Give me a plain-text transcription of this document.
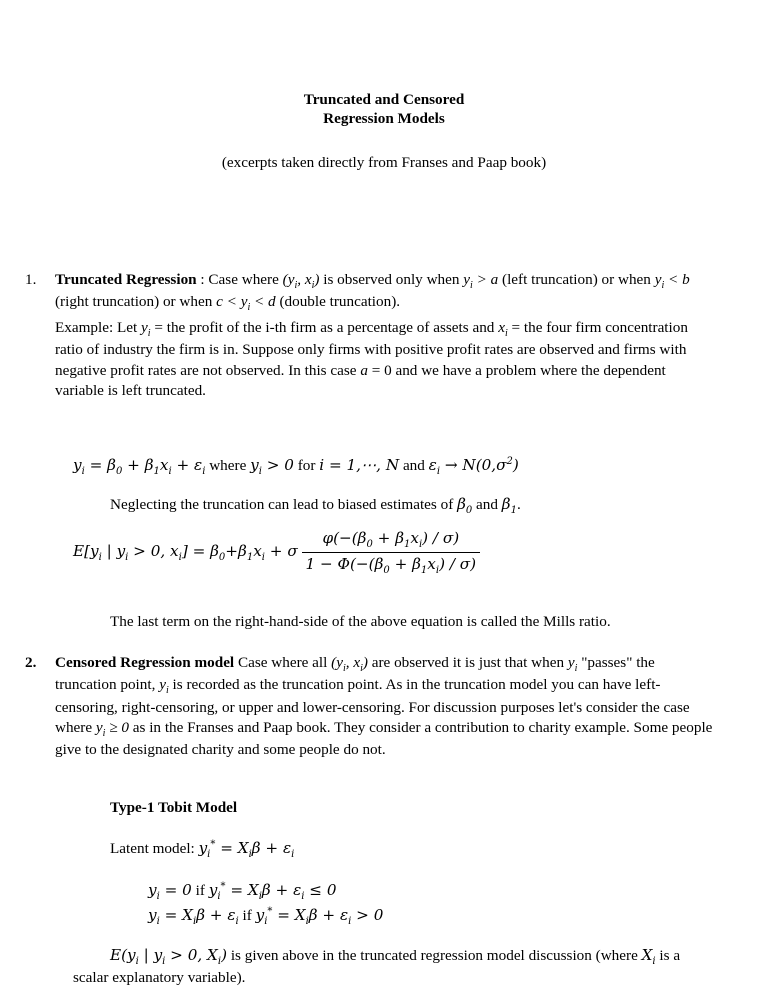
Truncated and Censored
Regression Models
(excerpts taken directly from Franses and Paap book)
1. Truncated Regression : Case where ($y_i$, $x_i$) is observed only when $y_i > a$ (left truncation) or when $y_i < b$ (right truncation) or when $c < y_i < d$ (double truncation).
Example: Let $y_i$ = the profit of the i-th firm as a percentage of assets and $x_i$ = the four firm concentration ratio of industry the firm is in. Suppose only firms with positive profit rates are observed and firms with negative profit rates are not observed. In this case a = 0 and we have a problem where the dependent variable is left truncated.
$y_i = \beta_0 + \beta_1x_i + \varepsilon_i$ where $y_i > 0$ for i = 1,⋯, N and $\varepsilon_i \to N(0,\sigma^2)$
Neglecting the truncation can lead to biased estimates of $\beta_0$ and $\beta_1$.
$E[y_i$ | $y_i > 0$, $x_i] = \beta_0+\beta_1x_i + \sigma \frac{\varphi(-(\beta_0 + \beta_1x_i) / \sigma)}{1 - \Phi(-(\beta_0 + \beta_1x_i) / \sigma)}$
The last term on the right-hand-side of the above equation is called the Mills ratio.
2. Censored Regression model Case where all ($y_i$, $x_i$) are observed it is just that when $y_i$ "passes" the truncation point, $y_i$ is recorded as the truncation point. As in the truncation model you can have left-censoring, right-censoring, or upper and lower-censoring. For discussion purposes let's consider the case where $y_i \ge 0$ as in the Franses and Paap book. They consider a contribution to charity example. Some people give to the designated charity and some people do not.
Type-1 Tobit Model
Latent model: $y_i^* = X_i\beta + \varepsilon_i$
$y_i = 0$ if $y_i^* = X_i\beta + \varepsilon_i \le 0$
$y_i = X_i\beta + \varepsilon_i$ if $y_i^* = X_i\beta + \varepsilon_i > 0$
$E(y_i$ | $y_i > 0$, $X_i$) is given above in the truncated regression model discussion (where $X_i$ is a scalar explanatory variable).
